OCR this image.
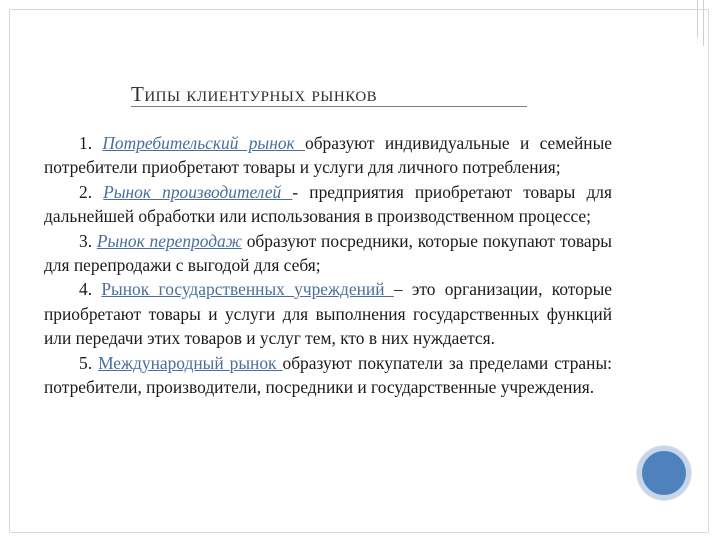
Типы клиентурных рынков

1. Потребительский рынок образуют индивидуальные и семейные потребители приобретают товары и услуги для личного потребления;

2. Рынок производителей - предприятия приобретают товары для дальнейшей обработки или использования в производственном процессе;

3. Рынок перепродаж образуют посредники, которые покупают товары для перепродажи с выгодой для себя;

4. Рынок государственных учреждений – это организации, которые приобретают товары и услуги для выполнения государственных функций или передачи этих товаров и услуг тем, кто в них нуждается.

5. Международный рынок образуют покупатели за пределами страны: потребители, производители, посредники и государственные учреждения.
